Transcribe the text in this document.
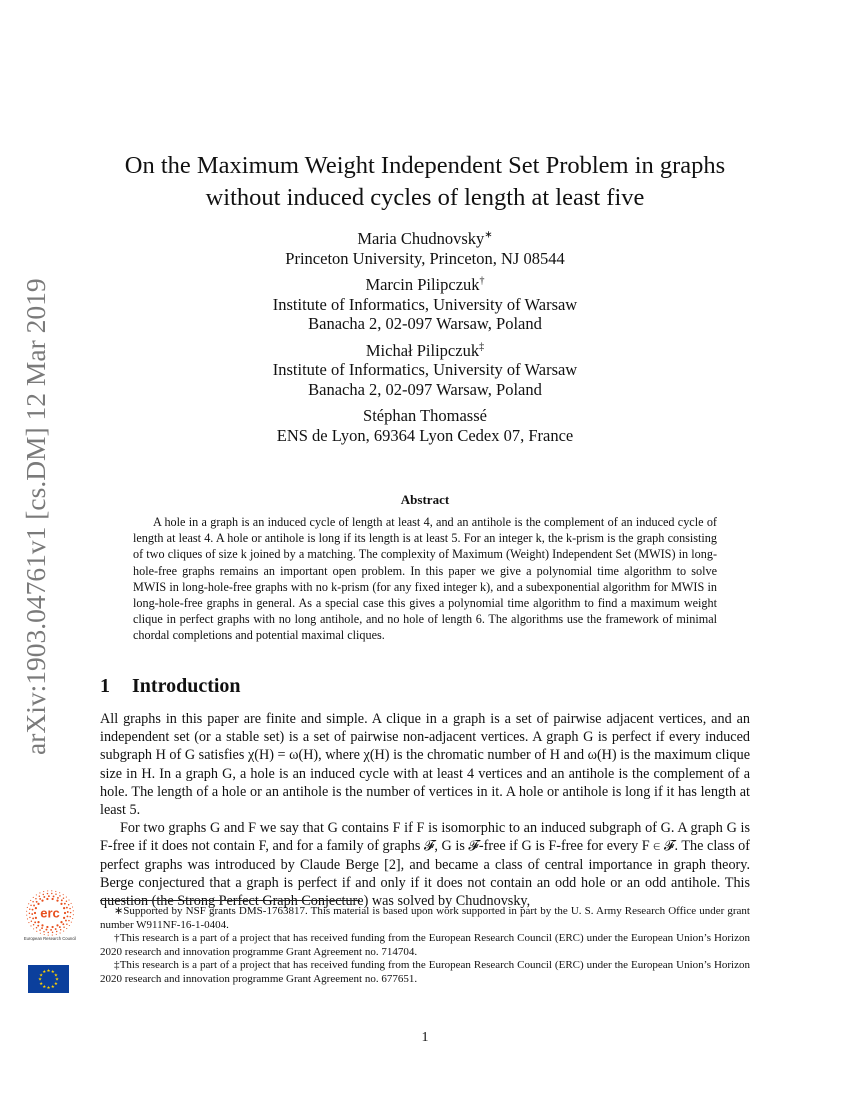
arXiv:1903.04761v1 [cs.DM] 12 Mar 2019
On the Maximum Weight Independent Set Problem in graphs
without induced cycles of length at least five
Maria Chudnovsky∗
Princeton University, Princeton, NJ 08544
Marcin Pilipczuk†
Institute of Informatics, University of Warsaw
Banacha 2, 02-097 Warsaw, Poland
Michał Pilipczuk‡
Institute of Informatics, University of Warsaw
Banacha 2, 02-097 Warsaw, Poland
Stéphan Thomassé
ENS de Lyon, 69364 Lyon Cedex 07, France
Abstract
A hole in a graph is an induced cycle of length at least 4, and an antihole is the complement of an induced cycle of length at least 4. A hole or antihole is long if its length is at least 5. For an integer k, the k-prism is the graph consisting of two cliques of size k joined by a matching. The complexity of Maximum (Weight) Independent Set (MWIS) in long-hole-free graphs remains an important open problem. In this paper we give a polynomial time algorithm to solve MWIS in long-hole-free graphs with no k-prism (for any fixed integer k), and a subexponential algorithm for MWIS in long-hole-free graphs in general. As a special case this gives a polynomial time algorithm to find a maximum weight clique in perfect graphs with no long antihole, and no hole of length 6. The algorithms use the framework of minimal chordal completions and potential maximal cliques.
1 Introduction

All graphs in this paper are finite and simple. A clique in a graph is a set of pairwise adjacent vertices, and an independent set (or a stable set) is a set of pairwise non-adjacent vertices. A graph G is perfect if every induced subgraph H of G satisfies χ(H) = ω(H), where χ(H) is the chromatic number of H and ω(H) is the maximum clique size in H. In a graph G, a hole is an induced cycle with at least 4 vertices and an antihole is the complement of a hole. The length of a hole or an antihole is the number of vertices in it. A hole or antihole is long if it has length at least 5.

For two graphs G and F we say that G contains F if F is isomorphic to an induced subgraph of G. A graph G is F-free if it does not contain F, and for a family of graphs 𝓕, G is 𝓕-free if G is F-free for every F ∈ 𝓕. The class of perfect graphs was introduced by Claude Berge [2], and became a class of central importance in graph theory. Berge conjectured that a graph is perfect if and only if it does not contain an odd hole or an odd antihole. This question (the Strong Perfect Graph Conjecture) was solved by Chudnovsky,

∗Supported by NSF grants DMS-1763817. This material is based upon work supported in part by the U. S. Army Research Office under grant number W911NF-16-1-0404.

†This research is a part of a project that has received funding from the European Research Council (ERC) under the European Union’s Horizon 2020 research and innovation programme Grant Agreement no. 714704.

‡This research is a part of a project that has received funding from the European Research Council (ERC) under the European Union’s Horizon 2020 research and innovation programme Grant Agreement no. 677651.

erc
European Research Council
★
★
★
★
★
★
★
★
★ ★ ★
★
1
